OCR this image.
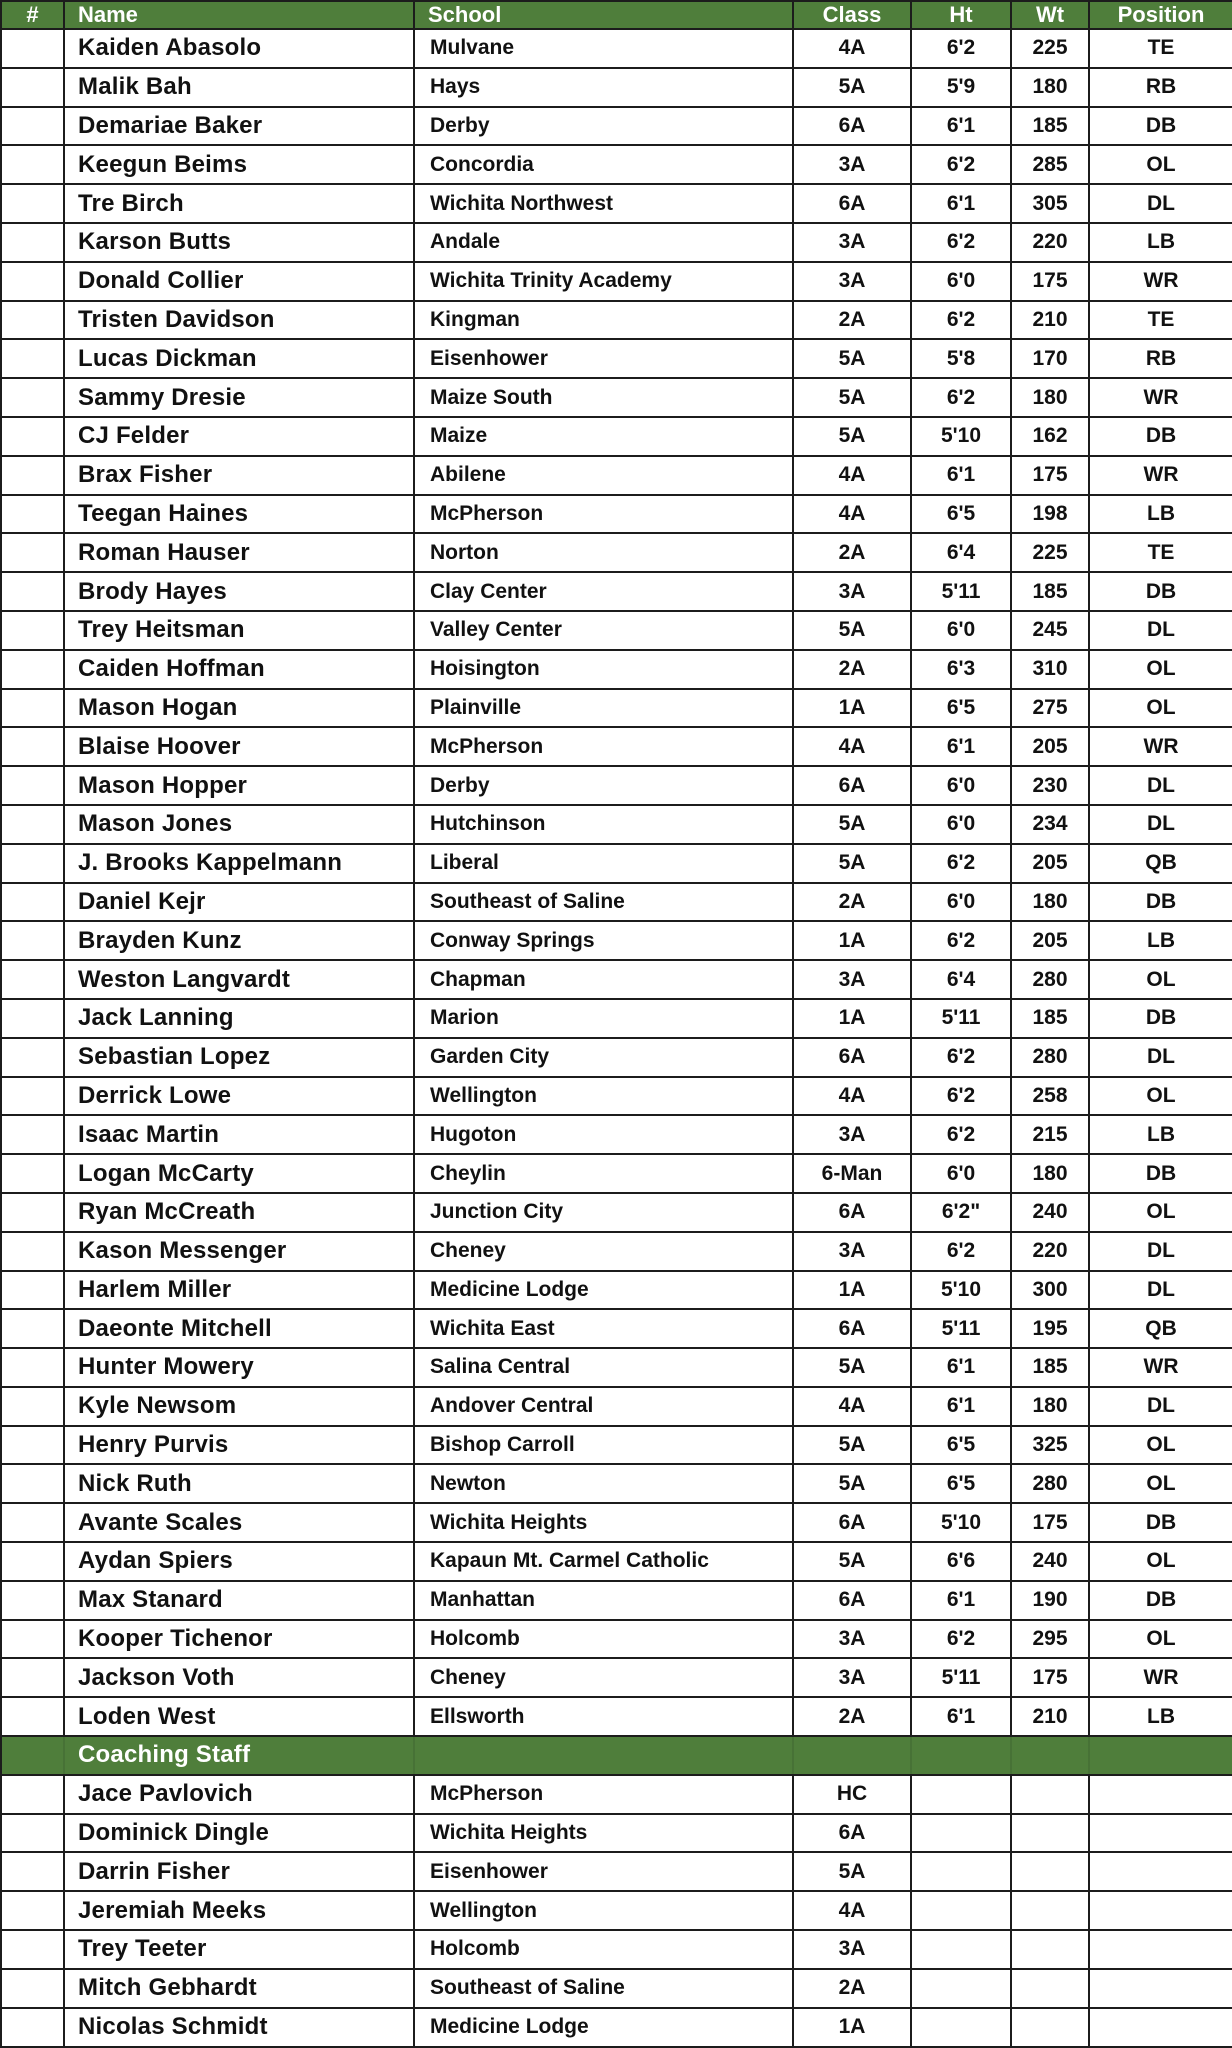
#	Name	School	Class	Ht	Wt	Position
	Kaiden Abasolo	Mulvane	4A	6'2	225	TE
	Malik Bah	Hays	5A	5'9	180	RB
	Demariae Baker	Derby	6A	6'1	185	DB
	Keegun Beims	Concordia	3A	6'2	285	OL
	Tre Birch	Wichita Northwest	6A	6'1	305	DL
	Karson Butts	Andale	3A	6'2	220	LB
	Donald Collier	Wichita Trinity Academy	3A	6'0	175	WR
	Tristen Davidson	Kingman	2A	6'2	210	TE
	Lucas Dickman	Eisenhower	5A	5'8	170	RB
	Sammy Dresie	Maize South	5A	6'2	180	WR
	CJ Felder	Maize	5A	5'10	162	DB
	Brax Fisher	Abilene	4A	6'1	175	WR
	Teegan Haines	McPherson	4A	6'5	198	LB
	Roman Hauser	Norton	2A	6'4	225	TE
	Brody Hayes	Clay Center	3A	5'11	185	DB
	Trey Heitsman	Valley Center	5A	6'0	245	DL
	Caiden Hoffman	Hoisington	2A	6'3	310	OL
	Mason Hogan	Plainville	1A	6'5	275	OL
	Blaise Hoover	McPherson	4A	6'1	205	WR
	Mason Hopper	Derby	6A	6'0	230	DL
	Mason Jones	Hutchinson	5A	6'0	234	DL
	J. Brooks Kappelmann	Liberal	5A	6'2	205	QB
	Daniel Kejr	Southeast of Saline	2A	6'0	180	DB
	Brayden Kunz	Conway Springs	1A	6'2	205	LB
	Weston Langvardt	Chapman	3A	6'4	280	OL
	Jack Lanning	Marion	1A	5'11	185	DB
	Sebastian Lopez	Garden City	6A	6'2	280	DL
	Derrick Lowe	Wellington	4A	6'2	258	OL
	Isaac Martin	Hugoton	3A	6'2	215	LB
	Logan McCarty	Cheylin	6-Man	6'0	180	DB
	Ryan McCreath	Junction City	6A	6'2"	240	OL
	Kason Messenger	Cheney	3A	6'2	220	DL
	Harlem Miller	Medicine Lodge	1A	5'10	300	DL
	Daeonte Mitchell	Wichita East	6A	5'11	195	QB
	Hunter Mowery	Salina Central	5A	6'1	185	WR
	Kyle Newsom	Andover Central	4A	6'1	180	DL
	Henry Purvis	Bishop Carroll	5A	6'5	325	OL
	Nick Ruth	Newton	5A	6'5	280	OL
	Avante Scales	Wichita Heights	6A	5'10	175	DB
	Aydan Spiers	Kapaun Mt. Carmel Catholic	5A	6'6	240	OL
	Max Stanard	Manhattan	6A	6'1	190	DB
	Kooper Tichenor	Holcomb	3A	6'2	295	OL
	Jackson Voth	Cheney	3A	5'11	175	WR
	Loden West	Ellsworth	2A	6'1	210	LB
	Coaching Staff					
	Jace Pavlovich	McPherson	HC			
	Dominick Dingle	Wichita Heights	6A			
	Darrin Fisher	Eisenhower	5A			
	Jeremiah Meeks	Wellington	4A			
	Trey Teeter	Holcomb	3A			
	Mitch Gebhardt	Southeast of Saline	2A			
	Nicolas Schmidt	Medicine Lodge	1A			
